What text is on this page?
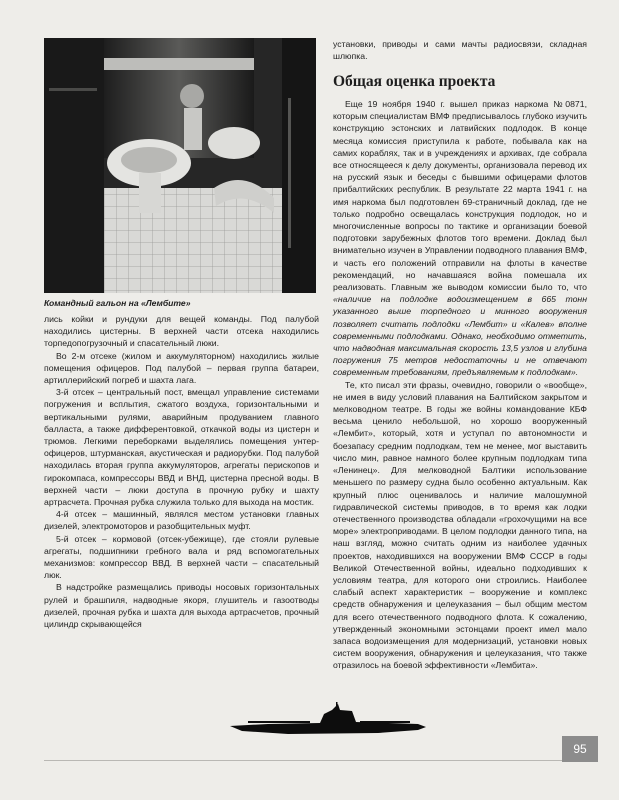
Командный гальон на «Лембите»

лись койки и рундуки для вещей команды. Под палубой находились цистерны. В верхней части отсека находились торпедопогрузочный и спасательный люки.

Во 2-м отсеке (жилом и аккумуляторном) находились жилые помещения офицеров. Под палубой – первая группа батареи, артиллерийский погреб и шахта лага.

3-й отсек – центральный пост, вмещал управление системами погружения и всплытия, сжатого воздуха, горизонтальными и вертикальными рулями, аварийным продуванием главного балласта, а также дифферентовкой, откачкой воды из цистерн и трюмов. Легкими переборками выделялись помещения унтер-офицеров, штурманская, акустическая и радиорубки. Под палубой находилась вторая группа аккумуляторов, агрегаты перископов и гирокомпаса, компрессоры ВВД и ВНД, цистерна пресной воды. В верхней части – люки доступа в прочную рубку и шахту артрасчета. Прочная рубка служила только для выхода на мостик.

4-й отсек – машинный, являлся местом установки главных дизелей, электромоторов и разобщительных муфт.

5-й отсек – кормовой (отсек-убежище), где стояли рулевые агрегаты, подшипники гребного вала и ряд вспомогательных механизмов: компрессор ВВД. В верхней части – спасательный люк.

В надстройке размещались приводы носовых горизонтальных рулей и брашпиля, надводные якоря, глушитель и газоотводы дизелей, прочная рубка и шахта для выхода артрасчетов, прочный цилиндр скрывающейся

установки, приводы и сами мачты радиосвязи, складная шлюпка.

Общая оценка проекта

Еще 19 ноября 1940 г. вышел приказ наркома №0871, которым специалистам ВМФ предписывалось глубоко изучить конструкцию эстонских и латвийских подлодок. В конце месяца комиссия приступила к работе, побывала как на самих кораблях, так и в учреждениях и архивах, где собрала все относящееся к делу документы, организовала перевод их на русский язык и беседы с бывшими офицерами флотов прибалтийских республик. В результате 22 марта 1941 г. на имя наркома был подготовлен 69-страничный доклад, где не только подробно освещалась конструкция подлодок, но и многочисленные вопросы по тактике и организации боевой подготовки зарубежных флотов того времени. Доклад был внимательно изучен в Управлении подводного плавания ВМФ, и часть его положений отправили на флоты в качестве рекомендаций, но начавшаяся война помешала их реализовать. Главным же выводом комиссии было то, что «наличие на подлодке водоизмещением в 665 тонн указанного выше торпедного и минного вооружения позволяет считать подлодки «Лембит» и «Калев» вполне современными подлодками. Однако, необходимо отметить, что надводная максимальная скорость 13,5 узлов и глубина погружения 75 метров недостаточны и не отвечают современным требованиям, предъявляемым к подлодкам».

Те, кто писал эти фразы, очевидно, говорили о «вообще», не имея в виду условий плавания на Балтийском закрытом и мелководном театре. В годы же войны командование КБФ весьма ценило небольшой, но хорошо вооруженный «Лембит», который, хотя и уступал по автономности и боезапасу средним подлодкам, тем не менее, мог выставить число мин, равное намного более крупным подлодкам типа «Ленинец». Для мелководной Балтики использование меньшего по размеру судна было особенно актуальным. Как крупный плюс оценивалось и наличие малошумной гидравлической системы приводов, в то время как лодки отечественного производства обладали «грохочущими на все море» электроприводами. В целом подлодки данного типа, на наш взгляд, можно считать одним из наиболее удачных проектов, находившихся на вооружении ВМФ СССР в годы Великой Отечественной войны, идеально подходивших к условиям театра, для которого они строились. Наиболее слабый аспект характеристик – вооружение и комплекс средств обнаружения и целеуказания – был общим местом для всего отечественного подводного флота. К сожалению, утвержденный экономными эстонцами проект имел мало запаса водоизмещения для модернизаций, установки новых систем вооружения, обнаружения и целеуказания, что также отразилось на боевой эффективности «Лембита».

95
